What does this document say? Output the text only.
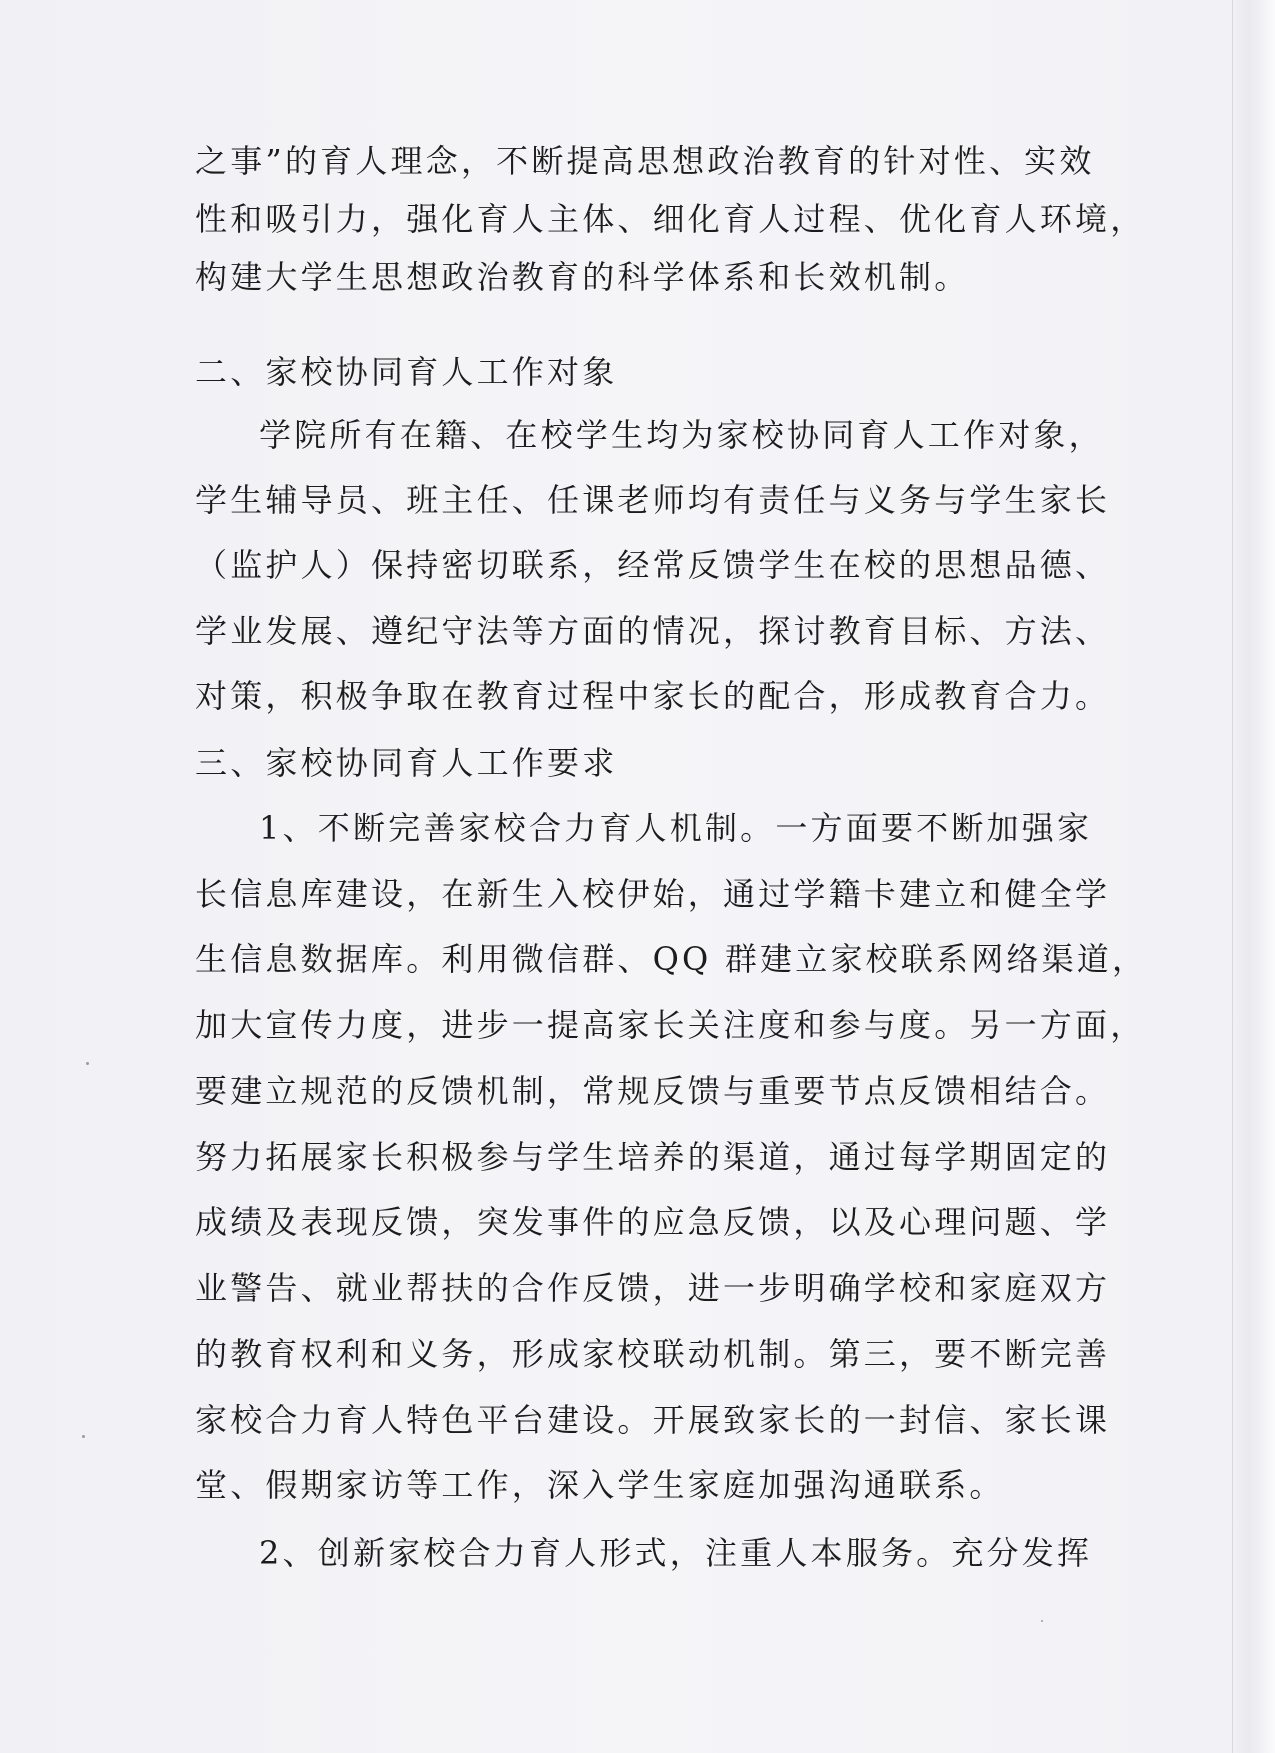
之事”的育人理念，不断提高思想政治教育的针对性、实效
性和吸引力，强化育人主体、细化育人过程、优化育人环境，
构建大学生思想政治教育的科学体系和长效机制。
二、家校协同育人工作对象
学院所有在籍、在校学生均为家校协同育人工作对象，
学生辅导员、班主任、任课老师均有责任与义务与学生家长
（监护人）保持密切联系，经常反馈学生在校的思想品德、
学业发展、遵纪守法等方面的情况，探讨教育目标、方法、
对策，积极争取在教育过程中家长的配合，形成教育合力。
三、家校协同育人工作要求
1、不断完善家校合力育人机制。一方面要不断加强家
长信息库建设，在新生入校伊始，通过学籍卡建立和健全学
生信息数据库。利用微信群、QQ 群建立家校联系网络渠道，
加大宣传力度，进步一提高家长关注度和参与度。另一方面，
要建立规范的反馈机制，常规反馈与重要节点反馈相结合。
努力拓展家长积极参与学生培养的渠道，通过每学期固定的
成绩及表现反馈，突发事件的应急反馈，以及心理问题、学
业警告、就业帮扶的合作反馈，进一步明确学校和家庭双方
的教育权利和义务，形成家校联动机制。第三，要不断完善
家校合力育人特色平台建设。开展致家长的一封信、家长课
堂、假期家访等工作，深入学生家庭加强沟通联系。
2、创新家校合力育人形式，注重人本服务。充分发挥
